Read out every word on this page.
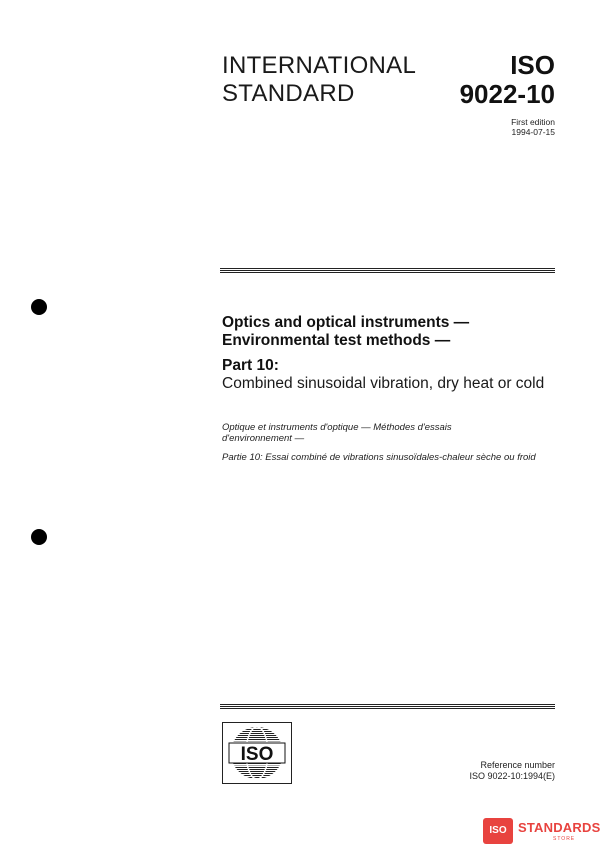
INTERNATIONAL
STANDARD
ISO
9022-10
First edition
1994-07-15
Optics and optical instruments —
Environmental test methods —
Part 10:
Combined sinusoidal vibration, dry heat or cold
Optique et instruments d'optique — Méthodes d'essais
d'environnement —
Partie 10: Essai combiné de vibrations sinusoïdales-chaleur sèche ou froid
ISO	Reference number
ISO 9022-10:1994(E)
ISO STANDARDS
STORE
